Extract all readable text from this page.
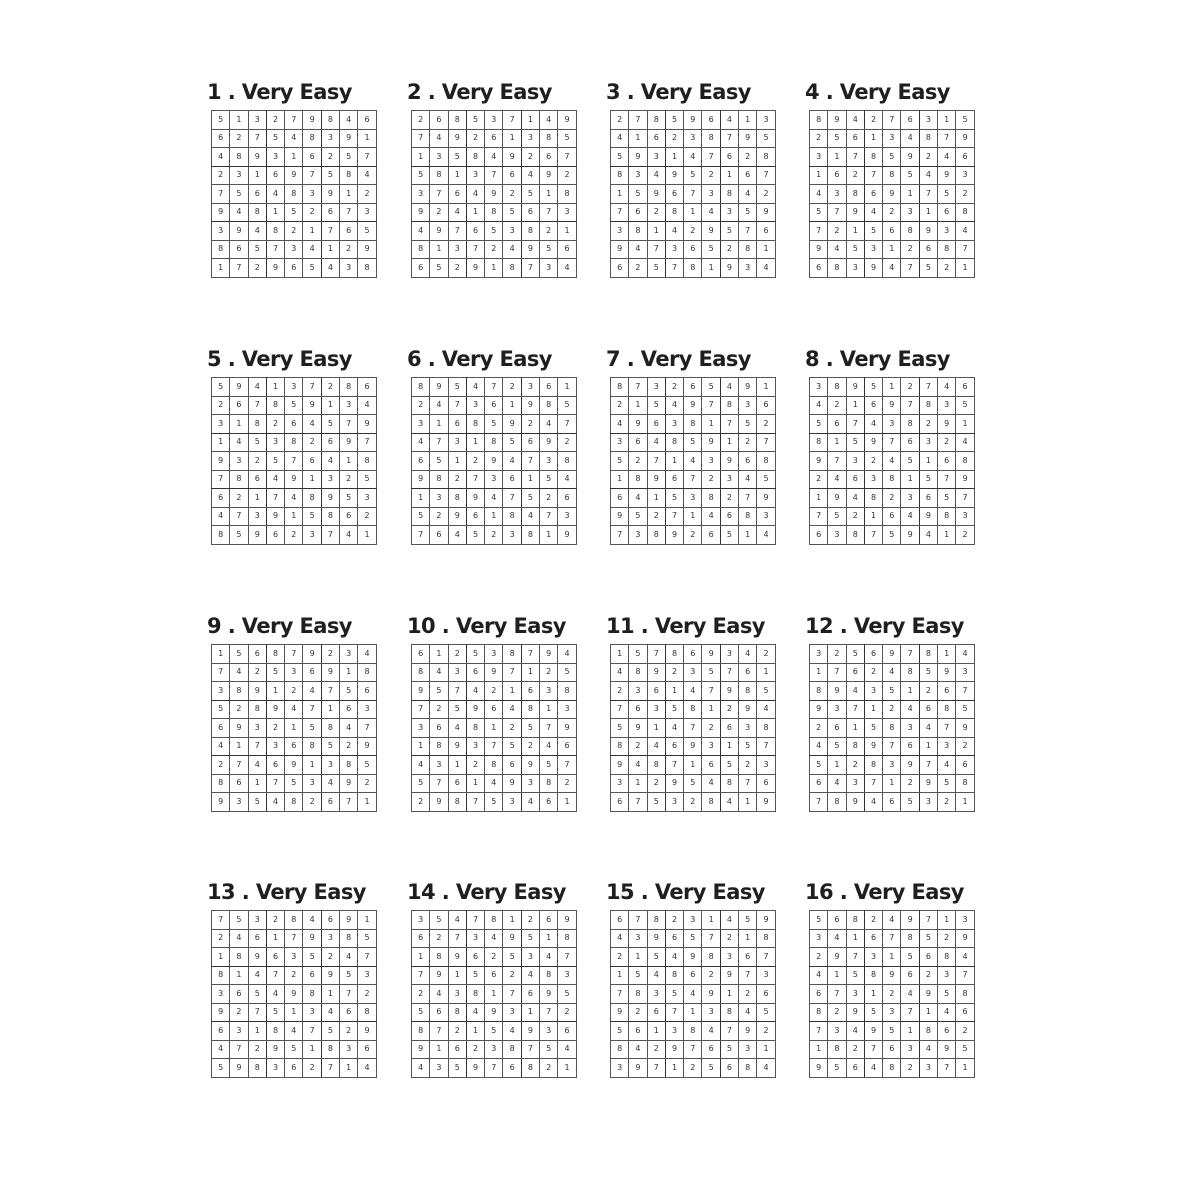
1 . Very Easy
5	1	3	2	7	9	8	4	6
6	2	7	5	4	8	3	9	1
4	8	9	3	1	6	2	5	7
2	3	1	6	9	7	5	8	4
7	5	6	4	8	3	9	1	2
9	4	8	1	5	2	6	7	3
3	9	4	8	2	1	7	6	5
8	6	5	7	3	4	1	2	9
1	7	2	9	6	5	4	3	8
2 . Very Easy
2	6	8	5	3	7	1	4	9
7	4	9	2	6	1	3	8	5
1	3	5	8	4	9	2	6	7
5	8	1	3	7	6	4	9	2
3	7	6	4	9	2	5	1	8
9	2	4	1	8	5	6	7	3
4	9	7	6	5	3	8	2	1
8	1	3	7	2	4	9	5	6
6	5	2	9	1	8	7	3	4
3 . Very Easy
2	7	8	5	9	6	4	1	3
4	1	6	2	3	8	7	9	5
5	9	3	1	4	7	6	2	8
8	3	4	9	5	2	1	6	7
1	5	9	6	7	3	8	4	2
7	6	2	8	1	4	3	5	9
3	8	1	4	2	9	5	7	6
9	4	7	3	6	5	2	8	1
6	2	5	7	8	1	9	3	4
4 . Very Easy
8	9	4	2	7	6	3	1	5
2	5	6	1	3	4	8	7	9
3	1	7	8	5	9	2	4	6
1	6	2	7	8	5	4	9	3
4	3	8	6	9	1	7	5	2
5	7	9	4	2	3	1	6	8
7	2	1	5	6	8	9	3	4
9	4	5	3	1	2	6	8	7
6	8	3	9	4	7	5	2	1
5 . Very Easy
5	9	4	1	3	7	2	8	6
2	6	7	8	5	9	1	3	4
3	1	8	2	6	4	5	7	9
1	4	5	3	8	2	6	9	7
9	3	2	5	7	6	4	1	8
7	8	6	4	9	1	3	2	5
6	2	1	7	4	8	9	5	3
4	7	3	9	1	5	8	6	2
8	5	9	6	2	3	7	4	1
6 . Very Easy
8	9	5	4	7	2	3	6	1
2	4	7	3	6	1	9	8	5
3	1	6	8	5	9	2	4	7
4	7	3	1	8	5	6	9	2
6	5	1	2	9	4	7	3	8
9	8	2	7	3	6	1	5	4
1	3	8	9	4	7	5	2	6
5	2	9	6	1	8	4	7	3
7	6	4	5	2	3	8	1	9
7 . Very Easy
8	7	3	2	6	5	4	9	1
2	1	5	4	9	7	8	3	6
4	9	6	3	8	1	7	5	2
3	6	4	8	5	9	1	2	7
5	2	7	1	4	3	9	6	8
1	8	9	6	7	2	3	4	5
6	4	1	5	3	8	2	7	9
9	5	2	7	1	4	6	8	3
7	3	8	9	2	6	5	1	4
8 . Very Easy
3	8	9	5	1	2	7	4	6
4	2	1	6	9	7	8	3	5
5	6	7	4	3	8	2	9	1
8	1	5	9	7	6	3	2	4
9	7	3	2	4	5	1	6	8
2	4	6	3	8	1	5	7	9
1	9	4	8	2	3	6	5	7
7	5	2	1	6	4	9	8	3
6	3	8	7	5	9	4	1	2
9 . Very Easy
1	5	6	8	7	9	2	3	4
7	4	2	5	3	6	9	1	8
3	8	9	1	2	4	7	5	6
5	2	8	9	4	7	1	6	3
6	9	3	2	1	5	8	4	7
4	1	7	3	6	8	5	2	9
2	7	4	6	9	1	3	8	5
8	6	1	7	5	3	4	9	2
9	3	5	4	8	2	6	7	1
10 . Very Easy
6	1	2	5	3	8	7	9	4
8	4	3	6	9	7	1	2	5
9	5	7	4	2	1	6	3	8
7	2	5	9	6	4	8	1	3
3	6	4	8	1	2	5	7	9
1	8	9	3	7	5	2	4	6
4	3	1	2	8	6	9	5	7
5	7	6	1	4	9	3	8	2
2	9	8	7	5	3	4	6	1
11 . Very Easy
1	5	7	8	6	9	3	4	2
4	8	9	2	3	5	7	6	1
2	3	6	1	4	7	9	8	5
7	6	3	5	8	1	2	9	4
5	9	1	4	7	2	6	3	8
8	2	4	6	9	3	1	5	7
9	4	8	7	1	6	5	2	3
3	1	2	9	5	4	8	7	6
6	7	5	3	2	8	4	1	9
12 . Very Easy
3	2	5	6	9	7	8	1	4
1	7	6	2	4	8	5	9	3
8	9	4	3	5	1	2	6	7
9	3	7	1	2	4	6	8	5
2	6	1	5	8	3	4	7	9
4	5	8	9	7	6	1	3	2
5	1	2	8	3	9	7	4	6
6	4	3	7	1	2	9	5	8
7	8	9	4	6	5	3	2	1
13 . Very Easy
7	5	3	2	8	4	6	9	1
2	4	6	1	7	9	3	8	5
1	8	9	6	3	5	2	4	7
8	1	4	7	2	6	9	5	3
3	6	5	4	9	8	1	7	2
9	2	7	5	1	3	4	6	8
6	3	1	8	4	7	5	2	9
4	7	2	9	5	1	8	3	6
5	9	8	3	6	2	7	1	4
14 . Very Easy
3	5	4	7	8	1	2	6	9
6	2	7	3	4	9	5	1	8
1	8	9	6	2	5	3	4	7
7	9	1	5	6	2	4	8	3
2	4	3	8	1	7	6	9	5
5	6	8	4	9	3	1	7	2
8	7	2	1	5	4	9	3	6
9	1	6	2	3	8	7	5	4
4	3	5	9	7	6	8	2	1
15 . Very Easy
6	7	8	2	3	1	4	5	9
4	3	9	6	5	7	2	1	8
2	1	5	4	9	8	3	6	7
1	5	4	8	6	2	9	7	3
7	8	3	5	4	9	1	2	6
9	2	6	7	1	3	8	4	5
5	6	1	3	8	4	7	9	2
8	4	2	9	7	6	5	3	1
3	9	7	1	2	5	6	8	4
16 . Very Easy
5	6	8	2	4	9	7	1	3
3	4	1	6	7	8	5	2	9
2	9	7	3	1	5	6	8	4
4	1	5	8	9	6	2	3	7
6	7	3	1	2	4	9	5	8
8	2	9	5	3	7	1	4	6
7	3	4	9	5	1	8	6	2
1	8	2	7	6	3	4	9	5
9	5	6	4	8	2	3	7	1
